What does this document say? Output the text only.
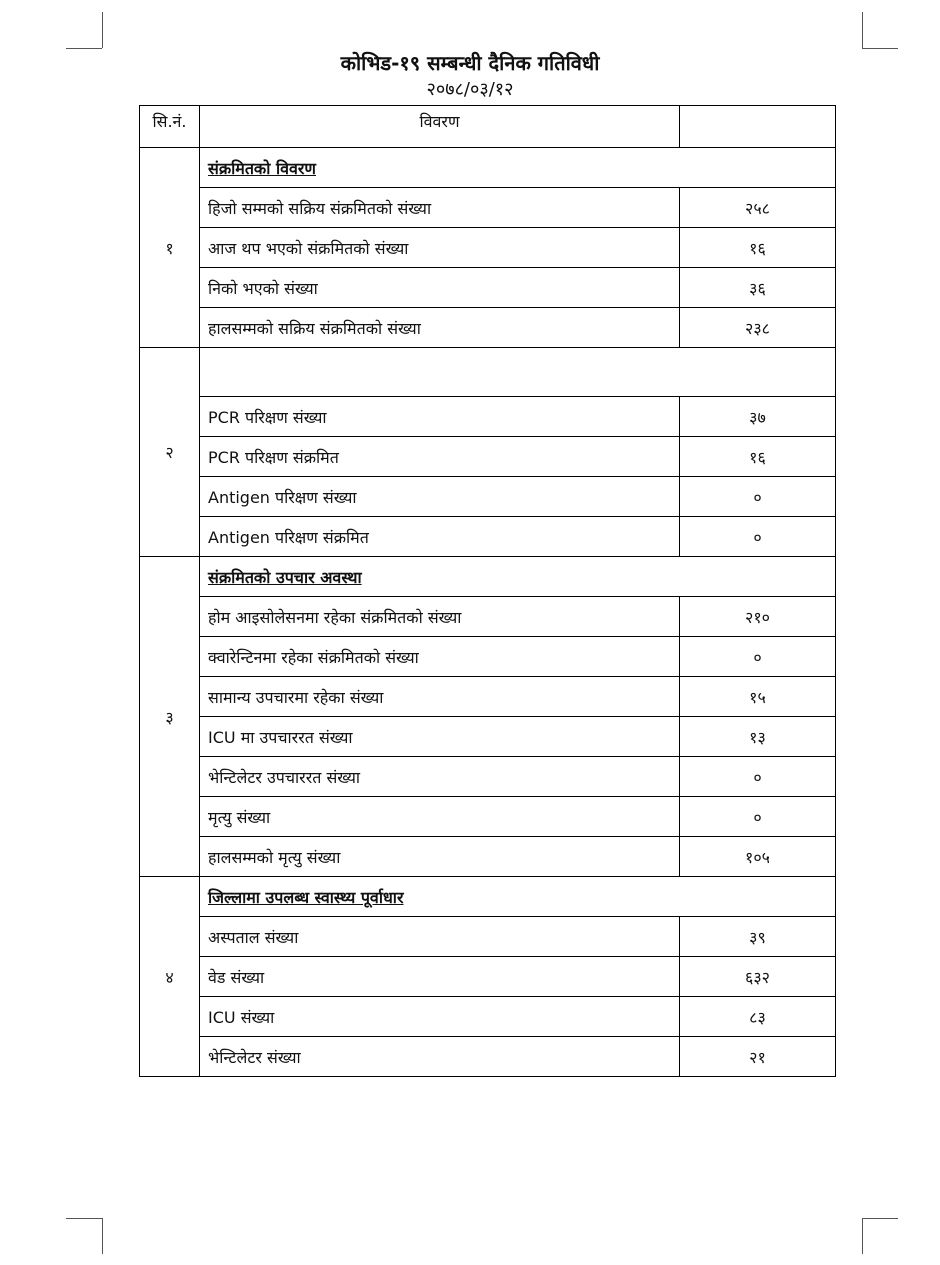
कोभिड-१९ सम्बन्धी दैनिक गतिविधी
२०७८/०३/१२
सि.नं.	विवरण	
१	संक्रमितको विवरण	
	हिजो सम्मको सक्रिय संक्रमितको संख्या	२५८
	आज थप भएको संक्रमितको संख्या	१६
	निको भएको संख्या	३६
	हालसम्मको सक्रिय संक्रमितको संख्या	२३८
२		
	PCR परिक्षण संख्या	३७
	PCR परिक्षण संक्रमित	१६
	Antigen परिक्षण संख्या	०
	Antigen परिक्षण संक्रमित	०
३	संक्रमितको उपचार अवस्था	
	होम आइसोलेसनमा रहेका संक्रमितको संख्या	२१०
	क्वारेन्टिनमा रहेका संक्रमितको संख्या	०
	सामान्य उपचारमा रहेका संख्या	१५
	ICU मा उपचाररत संख्या	१३
	भेन्टिलेटर उपचाररत संख्या	०
	मृत्यु संख्या	०
	हालसम्मको मृत्यु संख्या	१०५
४	जिल्लामा उपलब्ध स्वास्थ्य पूर्वाधार	
	अस्पताल संख्या	३९
	वेड संख्या	६३२
	ICU संख्या	८३
	भेन्टिलेटर संख्या	२१
